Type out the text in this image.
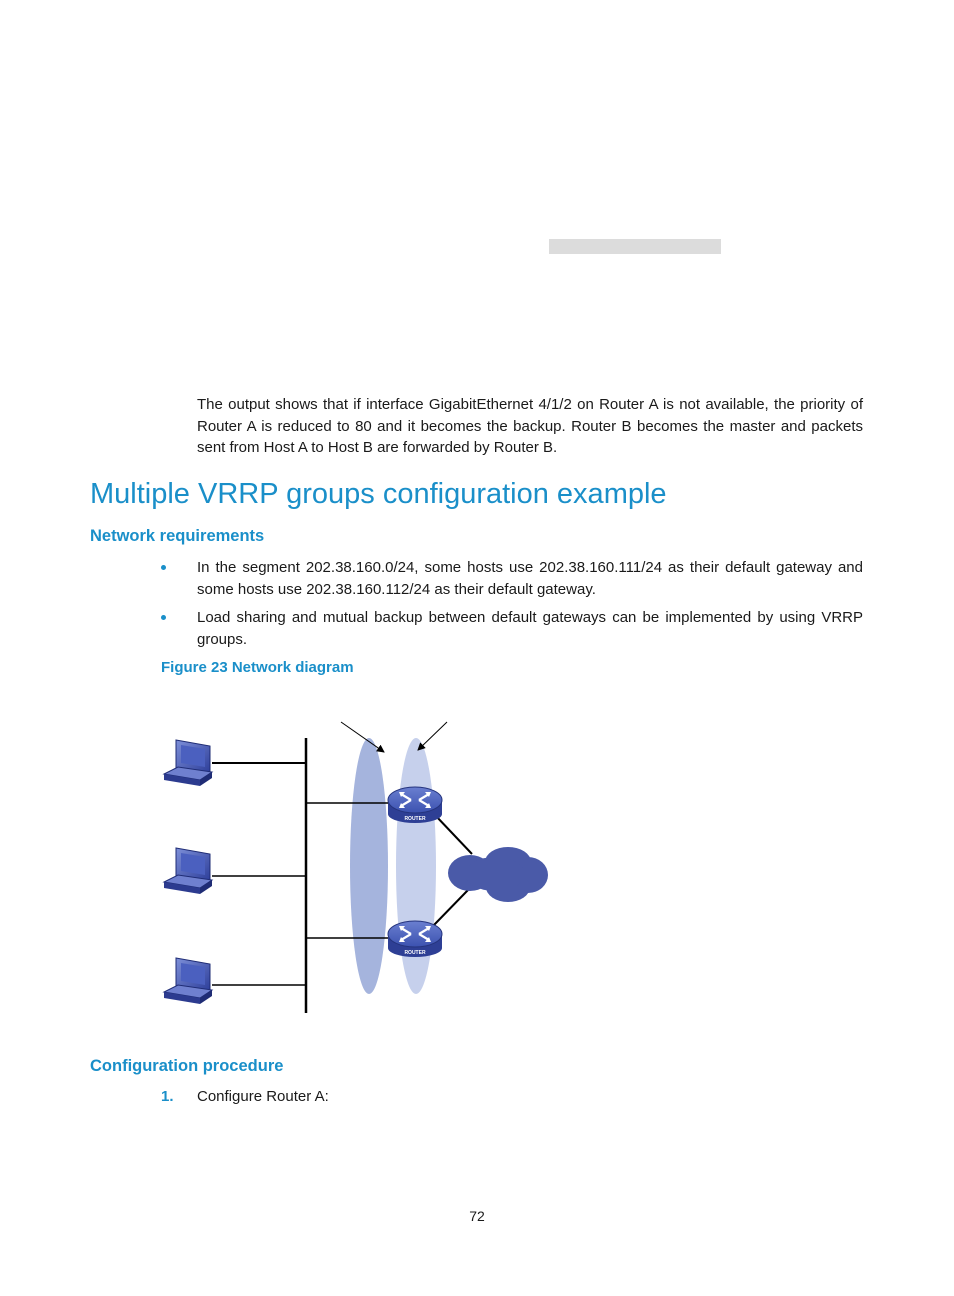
The output shows that if interface GigabitEthernet 4/1/2 on Router A is not available, the priority of Router A is reduced to 80 and it becomes the backup. Router B becomes the master and packets sent from Host A to Host B are forwarded by Router B.

Multiple VRRP groups configuration example
Network requirements
In the segment 202.38.160.0/24, some hosts use 202.38.160.111/24 as their default gateway and some hosts use 202.38.160.112/24 as their default gateway.
Load sharing and mutual backup between default gateways can be implemented by using VRRP groups.
Figure 23 Network diagram
ROUTER
ROUTER
Configuration procedure
1. Configure Router A:
72
